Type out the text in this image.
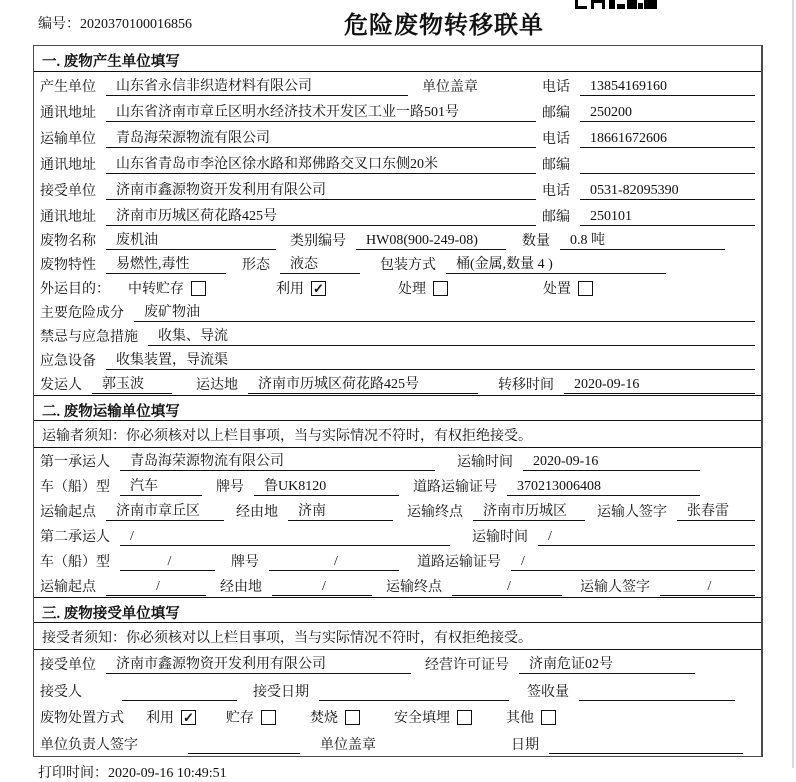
编号：2020370100016856	危险废物转移联单
一. 废物产生单位填写
产生单位	山东省永信非织造材料有限公司	单位盖章	电话	13854169160
通讯地址	山东省济南市章丘区明水经济技术开发区工业一路501号	邮编	250200
运输单位	青岛海荣源物流有限公司	电话	18661672606
通讯地址	山东省青岛市李沧区徐水路和郑佛路交叉口东侧20米	邮编
接受单位	济南市鑫源物资开发利用有限公司	电话	0531-82095390
通讯地址	济南市历城区荷花路425号	邮编	250101
废物名称	废机油	类别编号	HW08(900-249-08)	数量	0.8 吨
废物特性	易燃性,毒性	形态	液态	包装方式	桶(金属,数量 4 )
外运目的： 中转贮存	利用 ✓	处理	处置
主要危险成分	废矿物油
禁忌与应急措施	收集、导流
应急设备	收集装置，导流渠
发运人	郭玉波	运达地	济南市历城区荷花路425号	转移时间	2020-09-16
二. 废物运输单位填写
运输者须知：你必须核对以上栏目事项，当与实际情况不符时，有权拒绝接受。
第一承运人	青岛海荣源物流有限公司	运输时间	2020-09-16
车（船）型	汽车	牌号	鲁UK8120	道路运输证号	370213006408
运输起点	济南市章丘区	经由地	济南	运输终点	济南市历城区	运输人签字	张春雷
第二承运人	/	运输时间	/
车（船）型	/	牌号	/	道路运输证号	/
运输起点	/	经由地	/	运输终点	/	运输人签字	/
三. 废物接受单位填写
接受者须知：你必须核对以上栏目事项，当与实际情况不符时，有权拒绝接受。
接受单位	济南市鑫源物资开发利用有限公司	经营许可证号	济南危证02号
接受人	接受日期	签收量
废物处置方式 利用 ✓ 贮存	焚烧	安全填埋	其他
单位负责人签字	单位盖章	日期
打印时间：2020-09-16 10:49:51
